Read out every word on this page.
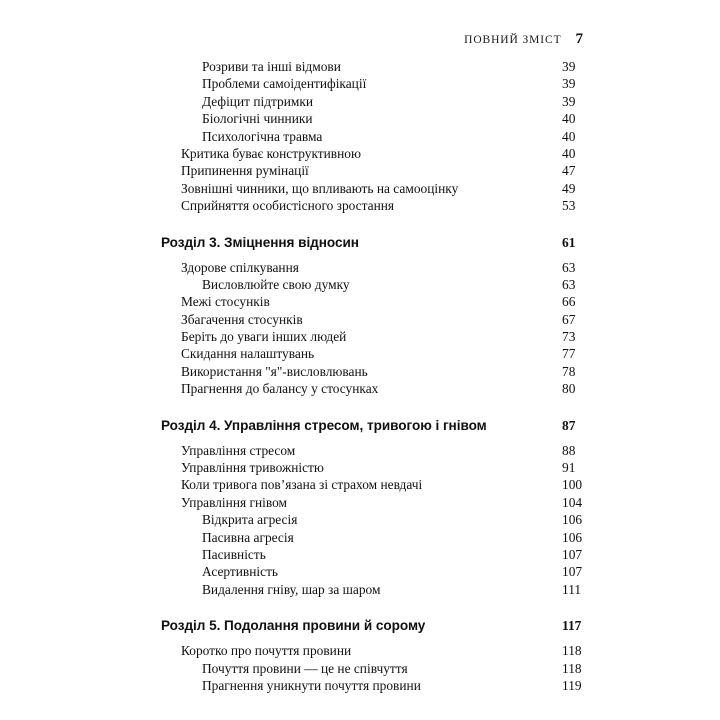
ПОВНИЙ ЗМІСТ 7
Розриви та інші відмови	39
Проблеми самоідентифікації	39
Дефіцит підтримки	39
Біологічні чинники	40
Психологічна травма	40
Критика буває конструктивною	40
Припинення румінації	47
Зовнішні чинники, що впливають на самооцінку	49
Сприйняття особистісного зростання	53
Розділ 3. Зміцнення відносин	61
Здорове спілкування	63
Висловлюйте свою думку	63
Межі стосунків	66
Збагачення стосунків	67
Беріть до уваги інших людей	73
Скидання налаштувань	77
Використання "я"-висловлювань	78
Прагнення до балансу у стосунках	80
Розділ 4. Управління стресом, тривогою і гнівом	87
Управління стресом	88
Управління тривожністю	91
Коли тривога пов’язана зі страхом невдачі	100
Управління гнівом	104
Відкрита агресія	106
Пасивна агресія	106
Пасивність	107
Асертивність	107
Видалення гніву, шар за шаром	111
Розділ 5. Подолання провини й сорому	117
Коротко про почуття провини	118
Почуття провини — це не співчуття	118
Прагнення уникнути почуття провини	119
